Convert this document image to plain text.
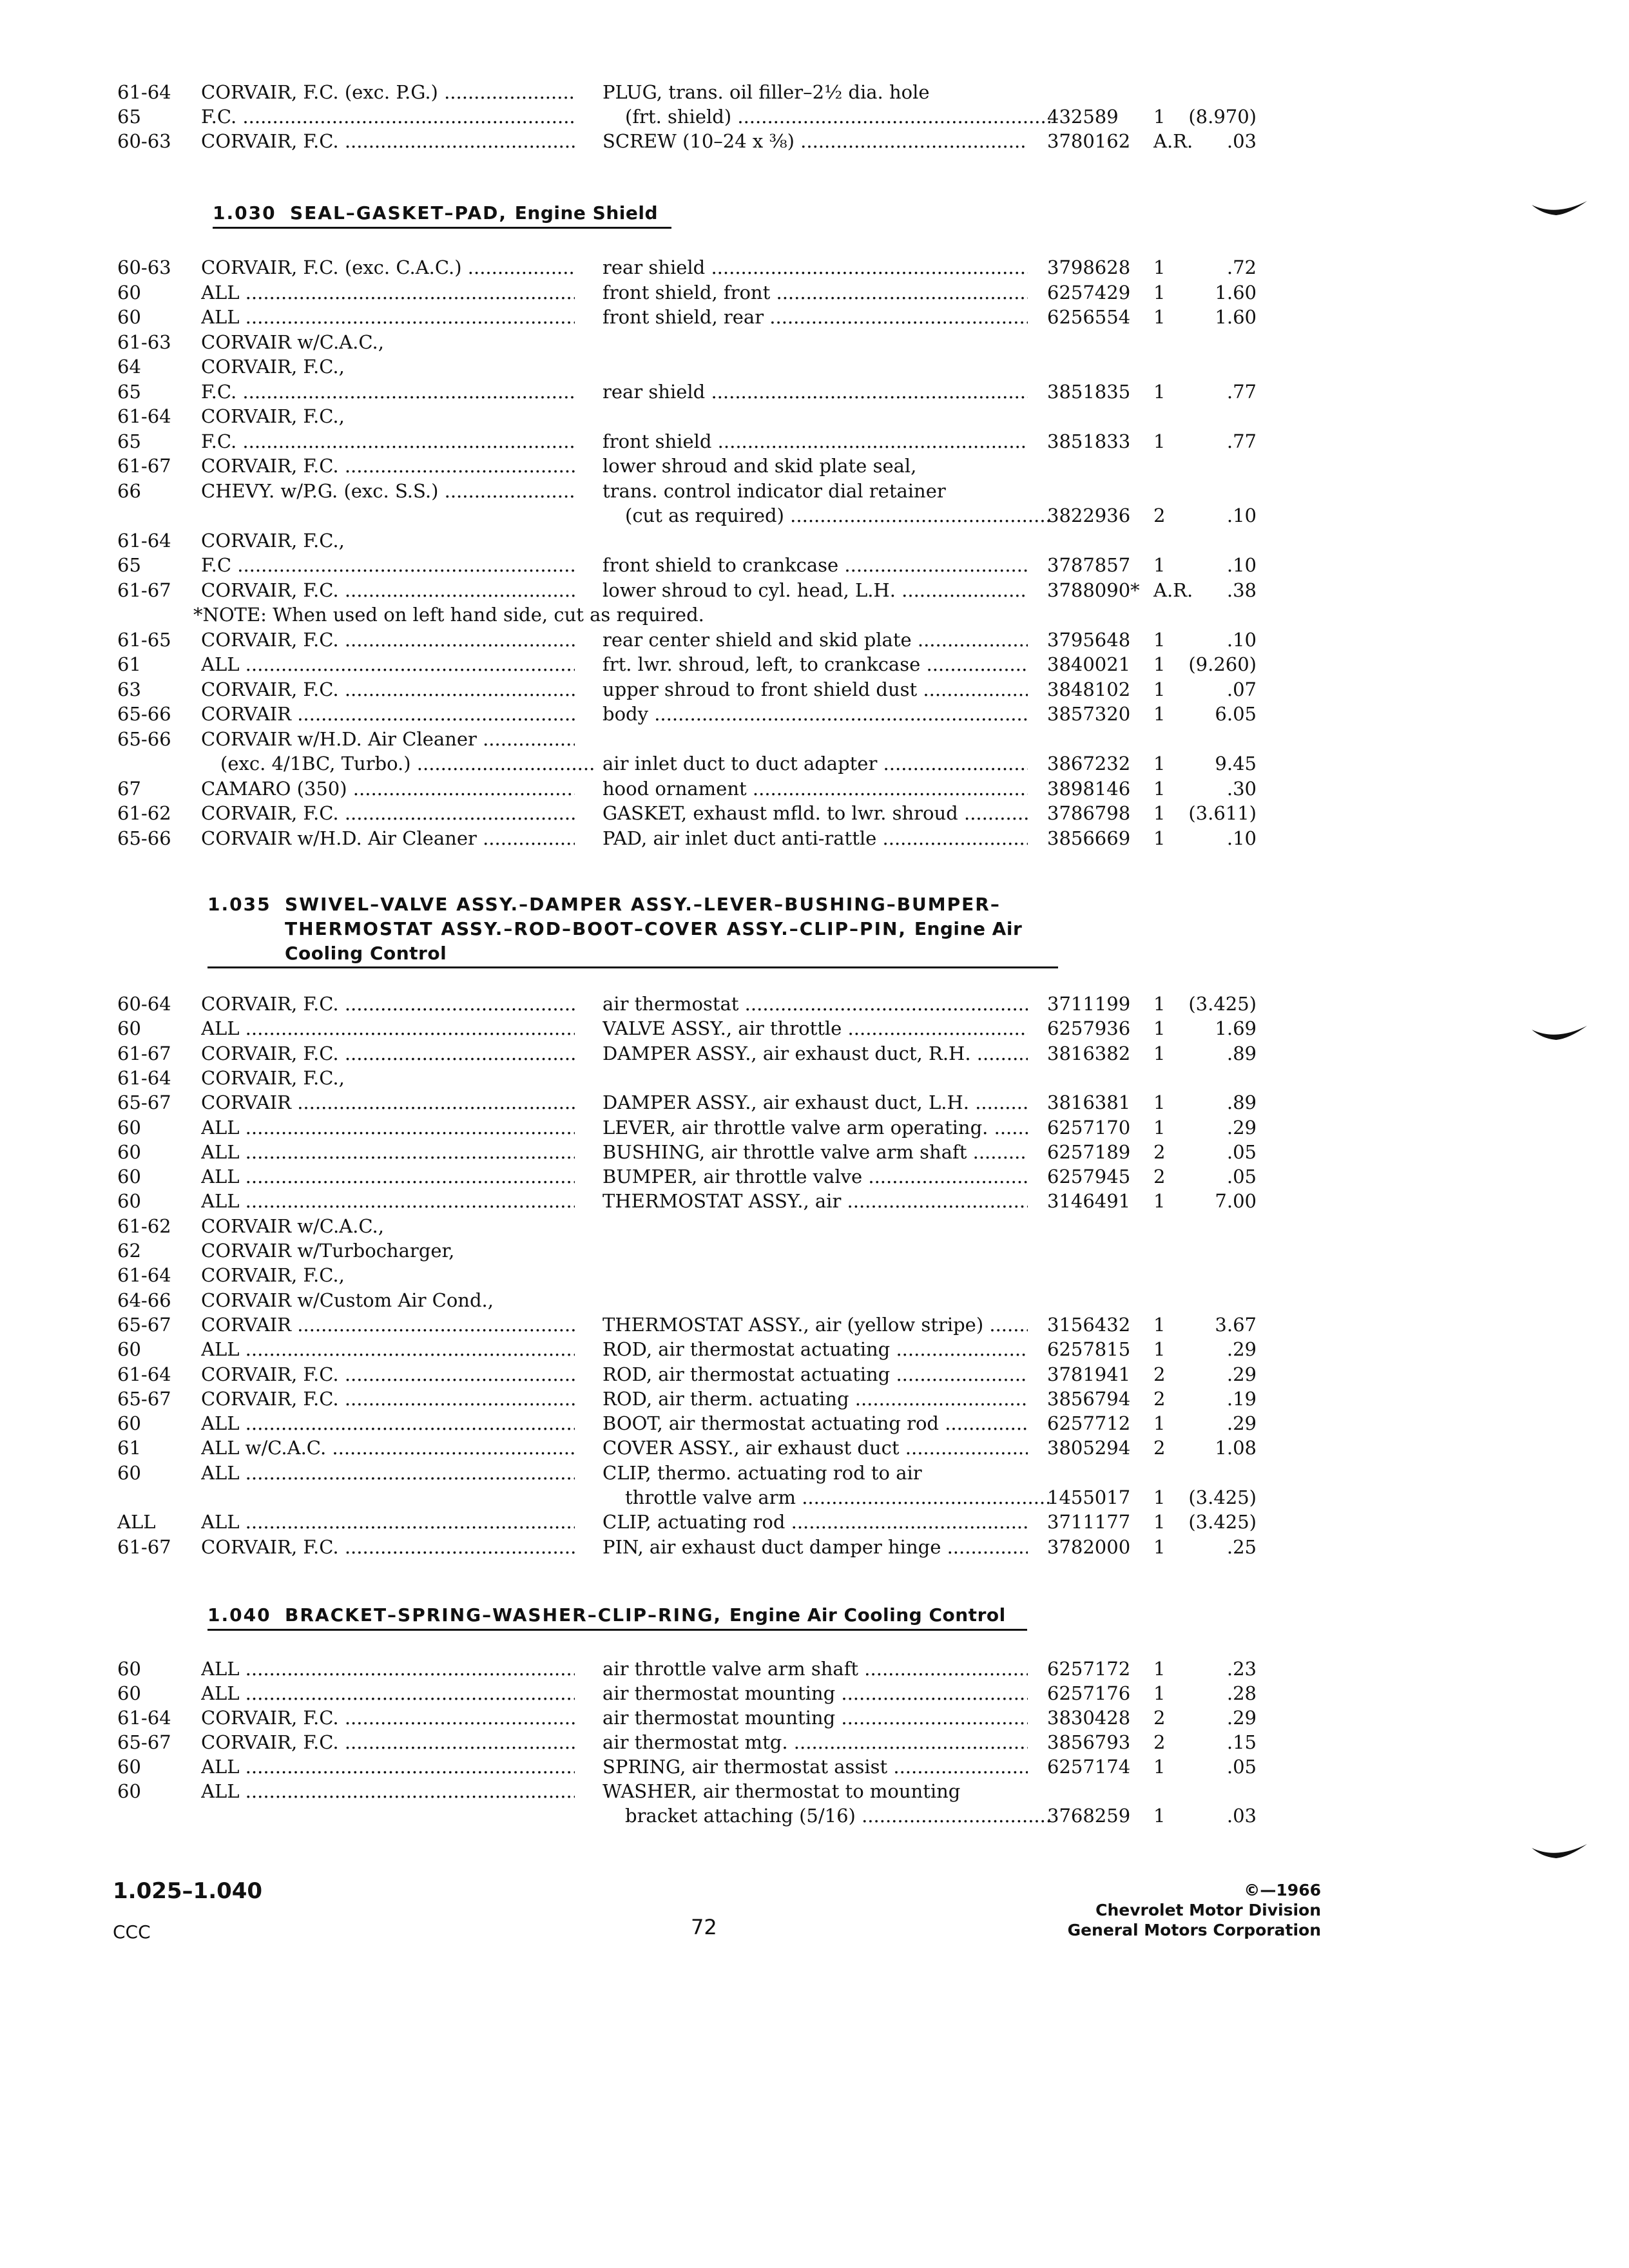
61-64 CORVAIR, F.C. (exc. P.G.) .....	PLUG, trans. oil filler–2½ dia. hole
65	F.C. .....	(frt. shield) .....	432589 1 (8.970)
60-63 CORVAIR, F.C. .....	SCREW (10–24 x ⅜) .....	3780162 A.R.	.03
1.030 SEAL–GASKET–PAD, Engine Shield
60-63 CORVAIR, F.C. (exc. C.A.C.) .....	rear shield .....	3798628 1	.72
60	ALL .....	front shield, front .....	6257429 1	1.60
60	ALL .....	front shield, rear .....	6256554 1	1.60
61-63 CORVAIR w/C.A.C.,
64	CORVAIR, F.C.,
65	F.C. .....	rear shield .....	3851835 1	.77
61-64 CORVAIR, F.C.,
65	F.C. .....	front shield .....	3851833 1	.77
61-67 CORVAIR, F.C. .....	lower shroud and skid plate seal,
66	CHEVY. w/P.G. (exc. S.S.) .....	trans. control indicator dial retainer
(cut as required) .....	3822936 2	.10
61-64 CORVAIR, F.C.,
65	F.C .....	front shield to crankcase .....	3787857 1	.10
61-67 CORVAIR, F.C. .....	lower shroud to cyl. head, L.H. .....	3788090* A.R.	.38
*NOTE: When used on left hand side, cut as required.
61-65 CORVAIR, F.C. .....	rear center shield and skid plate .....	3795648 1	.10
61	ALL .....	frt. lwr. shroud, left, to crankcase .....	3840021 1 (9.260)
63	CORVAIR, F.C. .....	upper shroud to front shield dust .....	3848102 1	.07
65-66 CORVAIR .....	body .....	3857320 1	6.05
65-66 CORVAIR w/H.D. Air Cleaner .....
(exc. 4/1BC, Turbo.) .....	air inlet duct to duct adapter .....	3867232 1	9.45
67	CAMARO (350) .....	hood ornament .....	3898146 1	.30
61-62 CORVAIR, F.C. .....	GASKET, exhaust mfld. to lwr. shroud .....	3786798 1 (3.611)
65-66 CORVAIR w/H.D. Air Cleaner .....	PAD, air inlet duct anti-rattle .....	3856669 1	.10
1.035 SWIVEL–VALVE ASSY.–DAMPER ASSY.–LEVER–BUSHING–BUMPER–
THERMOSTAT ASSY.–ROD–BOOT–COVER ASSY.–CLIP–PIN, Engine Air
Cooling Control
60-64 CORVAIR, F.C. .....	air thermostat .....	3711199 1 (3.425)
60	ALL .....	VALVE ASSY., air throttle .....	6257936 1	1.69
61-67 CORVAIR, F.C. .....	DAMPER ASSY., air exhaust duct, R.H. .....	3816382 1	.89
61-64 CORVAIR, F.C.,
65-67 CORVAIR .....	DAMPER ASSY., air exhaust duct, L.H. .....	3816381 1	.89
60	ALL .....	LEVER, air throttle valve arm operating. .....	6257170 1	.29
60	ALL .....	BUSHING, air throttle valve arm shaft .....	6257189 2	.05
60	ALL .....	BUMPER, air throttle valve .....	6257945 2	.05
60	ALL .....	THERMOSTAT ASSY., air .....	3146491 1	7.00
61-62 CORVAIR w/C.A.C.,
62	CORVAIR w/Turbocharger,
61-64 CORVAIR, F.C.,
64-66 CORVAIR w/Custom Air Cond.,
65-67 CORVAIR .....	THERMOSTAT ASSY., air (yellow stripe) .....	3156432 1	3.67
60	ALL .....	ROD, air thermostat actuating .....	6257815 1	.29
61-64 CORVAIR, F.C. .....	ROD, air thermostat actuating .....	3781941 2	.29
65-67 CORVAIR, F.C. .....	ROD, air therm. actuating .....	3856794 2	.19
60	ALL .....	BOOT, air thermostat actuating rod .....	6257712 1	.29
61	ALL w/C.A.C. .....	COVER ASSY., air exhaust duct .....	3805294 2	1.08
60	ALL .....	CLIP, thermo. actuating rod to air
throttle valve arm .....	1455017 1 (3.425)
ALL ALL .....	CLIP, actuating rod .....	3711177 1 (3.425)
61-67 CORVAIR, F.C. .....	PIN, air exhaust duct damper hinge .....	3782000 1	.25
1.040 BRACKET–SPRING–WASHER–CLIP–RING, Engine Air Cooling Control
60	ALL .....	air throttle valve arm shaft .....	6257172 1	.23
60	ALL .....	air thermostat mounting .....	6257176 1	.28
61-64 CORVAIR, F.C. .....	air thermostat mounting .....	3830428 2	.29
65-67 CORVAIR, F.C. .....	air thermostat mtg. .....	3856793 2	.15
60	ALL .....	SPRING, air thermostat assist .....	6257174 1	.05
60	ALL .....	WASHER, air thermostat to mounting
bracket attaching (5/16) .....	3768259 1	.03
1.025–1.040
CCC	72
©—1966
Chevrolet Motor Division
General Motors Corporation
